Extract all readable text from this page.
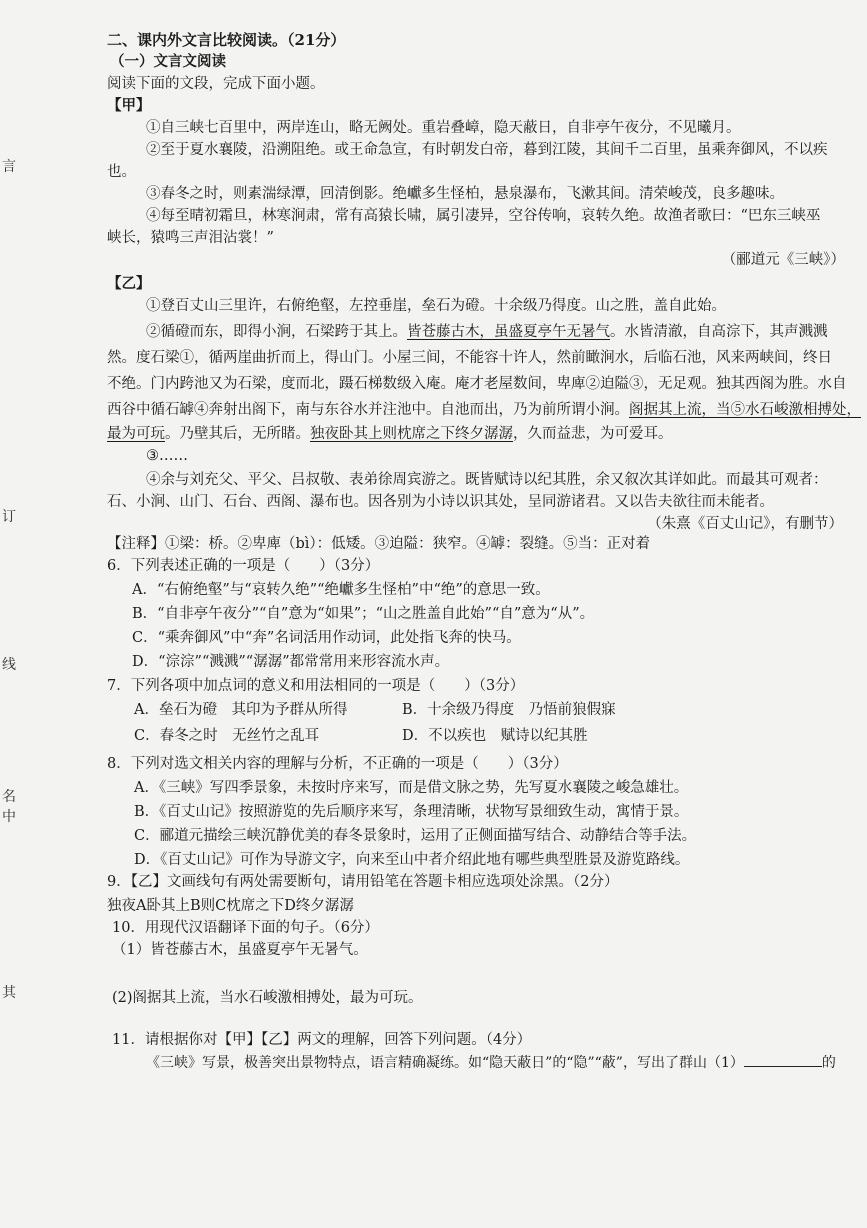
言
订
线
名
中
其
二、课内外文言比较阅读。（21分）
（一）文言文阅读
阅读下面的文段，完成下面小题。
【甲】
①自三峡七百里中，两岸连山，略无阙处。重岩叠嶂，隐天蔽日，自非亭午夜分，不见曦月。
②至于夏水襄陵，沿溯阻绝。或王命急宣，有时朝发白帝，暮到江陵，其间千二百里，虽乘奔御风，不以疾
也。
③春冬之时，则素湍绿潭，回清倒影。绝巘多生怪柏，悬泉瀑布，飞漱其间。清荣峻茂，良多趣味。
④每至晴初霜旦，林寒涧肃，常有高猿长啸，属引凄异，空谷传响，哀转久绝。故渔者歌曰：“巴东三峡巫
峡长，猿鸣三声泪沾裳！”
（郦道元《三峡》）
【乙】
①登百丈山三里许，右俯绝壑，左控垂崖，垒石为磴。十余级乃得度。山之胜，盖自此始。
②循磴而东，即得小涧，石梁跨于其上。皆苍藤古木，虽盛夏亭午无暑气。水皆清澈，自高淙下，其声溅溅
然。度石梁①，循两崖曲折而上，得山门。小屋三间，不能容十许人，然前瞰涧水，后临石池，风来两峡间，终日
不绝。门内跨池又为石梁，度而北，蹑石梯数级入庵。庵才老屋数间，卑庳②迫隘③，无足观。独其西阁为胜。水自
西谷中循石罅④奔射出阁下，南与东谷水并注池中。自池而出，乃为前所谓小涧。阁据其上流，当⑤水石峻激相搏处，
最为可玩。乃壁其后，无所睹。独夜卧其上则枕席之下终夕潺潺，久而益悲，为可爱耳。
③……
④余与刘充父、平父、吕叔敬、表弟徐周宾游之。既皆赋诗以纪其胜，余又叙次其详如此。而最其可观者：
石、小涧、山门、石台、西阁、瀑布也。因各别为小诗以识其处，呈同游诸君。又以告夫欲往而未能者。
（朱熹《百丈山记》，有删节）
【注释】①梁：桥。②卑庳（bì）：低矮。③迫隘：狭窄。④罅：裂缝。⑤当：正对着
6．下列表述正确的一项是（　　）（3分）
A．“右俯绝壑”与“哀转久绝”“绝巘多生怪柏”中“绝”的意思一致。
B．“自非亭午夜分”“自”意为“如果”；“山之胜盖自此始”“自”意为“从”。
C．“乘奔御风”中“奔”名词活用作动词，此处指飞奔的快马。
D．“淙淙”“溅溅”“潺潺”都常常用来形容流水声。
7．下列各项中加点词的意义和用法相同的一项是（　　）（3分）
A．垒石为磴　其印为予群从所得	B．十余级乃得度　乃悟前狼假寐
C．春冬之时　无丝竹之乱耳	D．不以疾也　赋诗以纪其胜
8．下列对选文相关内容的理解与分析，不正确的一项是（　　）（3分）
A．《三峡》写四季景象，未按时序来写，而是借文脉之势，先写夏水襄陵之峻急雄壮。
B．《百丈山记》按照游览的先后顺序来写，条理清晰，状物写景细致生动，寓情于景。
C．郦道元描绘三峡沉静优美的春冬景象时，运用了正侧面描写结合、动静结合等手法。
D．《百丈山记》可作为导游文字，向来至山中者介绍此地有哪些典型胜景及游览路线。
9．【乙】文画线句有两处需要断句，请用铅笔在答题卡相应选项处涂黑。（2分）
独夜A卧其上B则C枕席之下D终夕潺潺
10．用现代汉语翻译下面的句子。（6分）
（1）皆苍藤古木，虽盛夏亭午无暑气。
(2)阁据其上流，当水石峻激相搏处，最为可玩。
11．请根据你对【甲】【乙】两文的理解，回答下列问题。（4分）
《三峡》写景，极善突出景物特点，语言精确凝练。如“隐天蔽日”的“隐”“蔽”，写出了群山（1）	的
